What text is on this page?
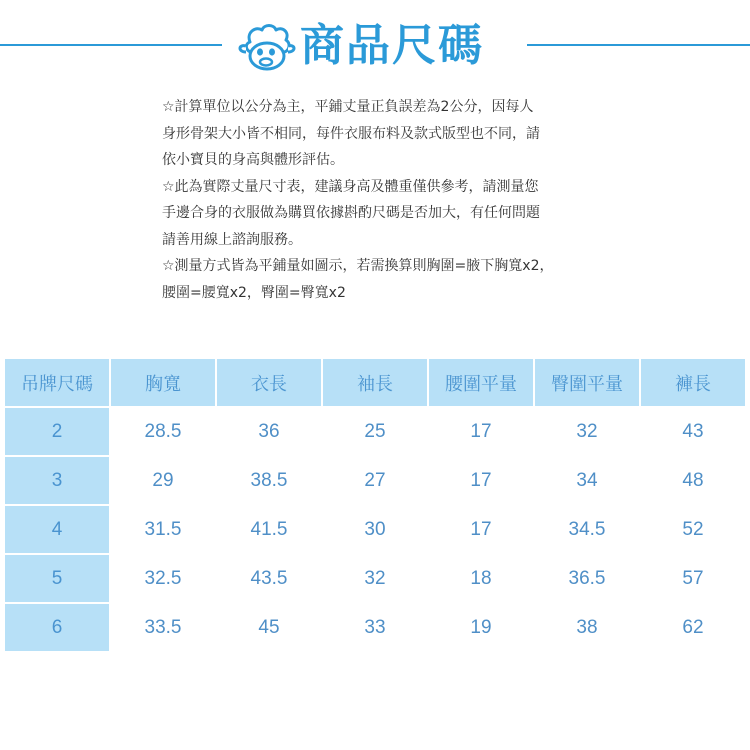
商品尺碼

☆計算單位以公分為主，平鋪丈量正負誤差為2公分，因每人

身形骨架大小皆不相同，每件衣服布料及款式版型也不同，請

依小寶貝的身高與體形評估。

☆此為實際丈量尺寸表，建議身高及體重僅供參考，請測量您

手邊合身的衣服做為購買依據斟酌尺碼是否加大，有任何問題

請善用線上諮詢服務。

☆測量方式皆為平鋪量如圖示，若需換算則胸圍=腋下胸寬x2，

腰圍=腰寬x2，臀圍=臀寬x2

吊牌尺碼	胸寬	衣長	袖長	腰圍平量	臀圍平量	褲長
2	28.5	36	25	17	32	43
3	29	38.5	27	17	34	48
4	31.5	41.5	30	17	34.5	52
5	32.5	43.5	32	18	36.5	57
6	33.5	45	33	19	38	62
